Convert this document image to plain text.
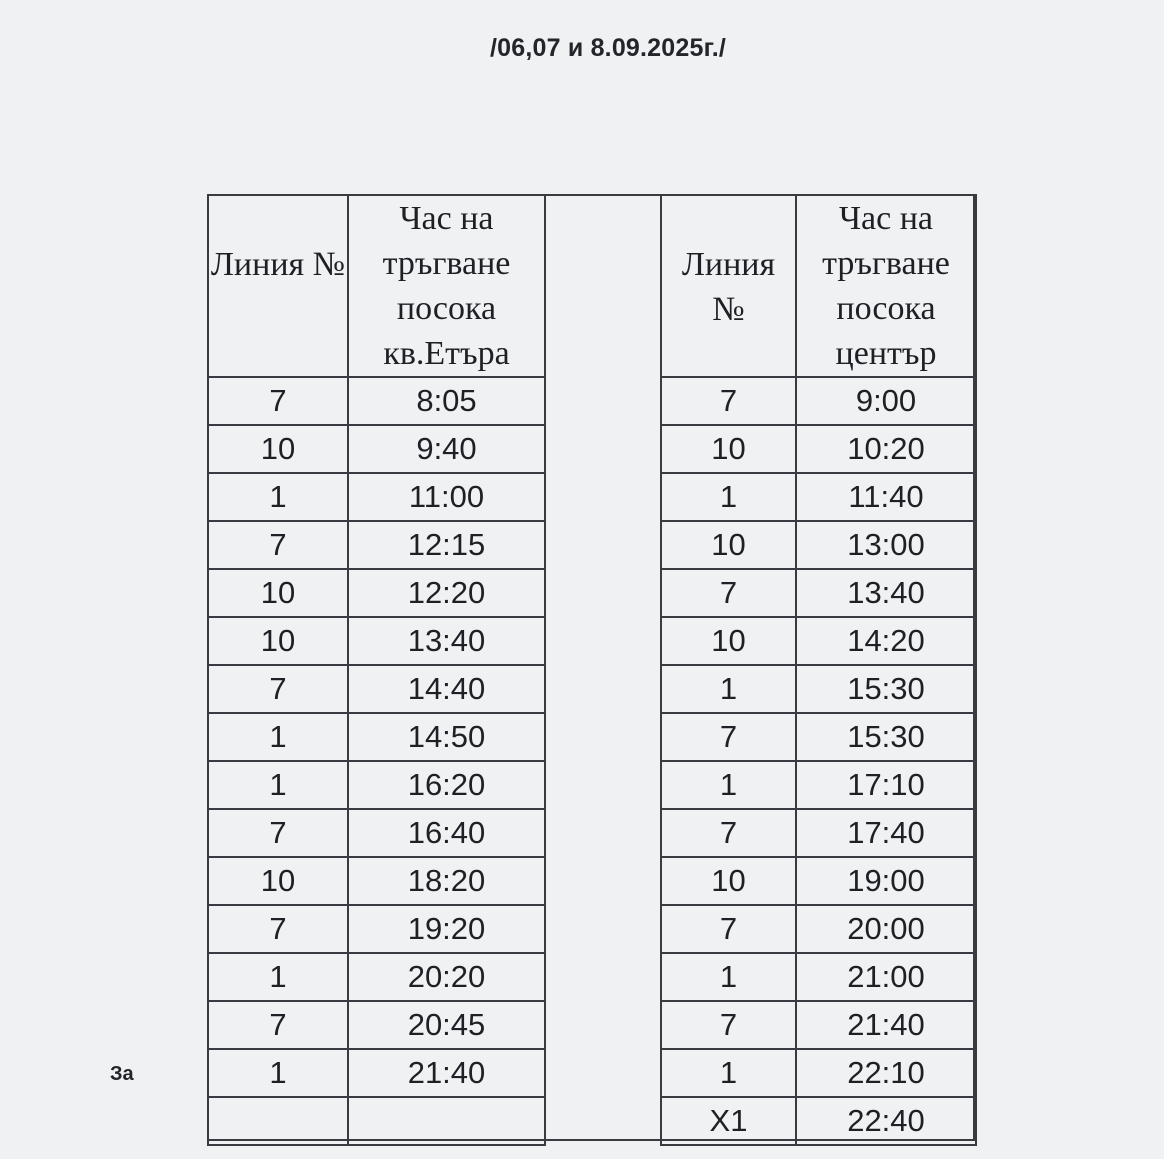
/06,07 и 8.09.2025г./
За
Линия №	Час на тръгване посока кв.Етъра
7	8:05
10	9:40
1	11:00
7	12:15
10	12:20
10	13:40
7	14:40
1	14:50
1	16:20
7	16:40
10	18:20
7	19:20
1	20:20
7	20:45
1	21:40

Линия №	Час на тръгване посока център
7	9:00
10	10:20
1	11:40
10	13:00
7	13:40
10	14:20
1	15:30
7	15:30
1	17:10
7	17:40
10	19:00
7	20:00
1	21:00
7	21:40
1	22:10
X1	22:40
